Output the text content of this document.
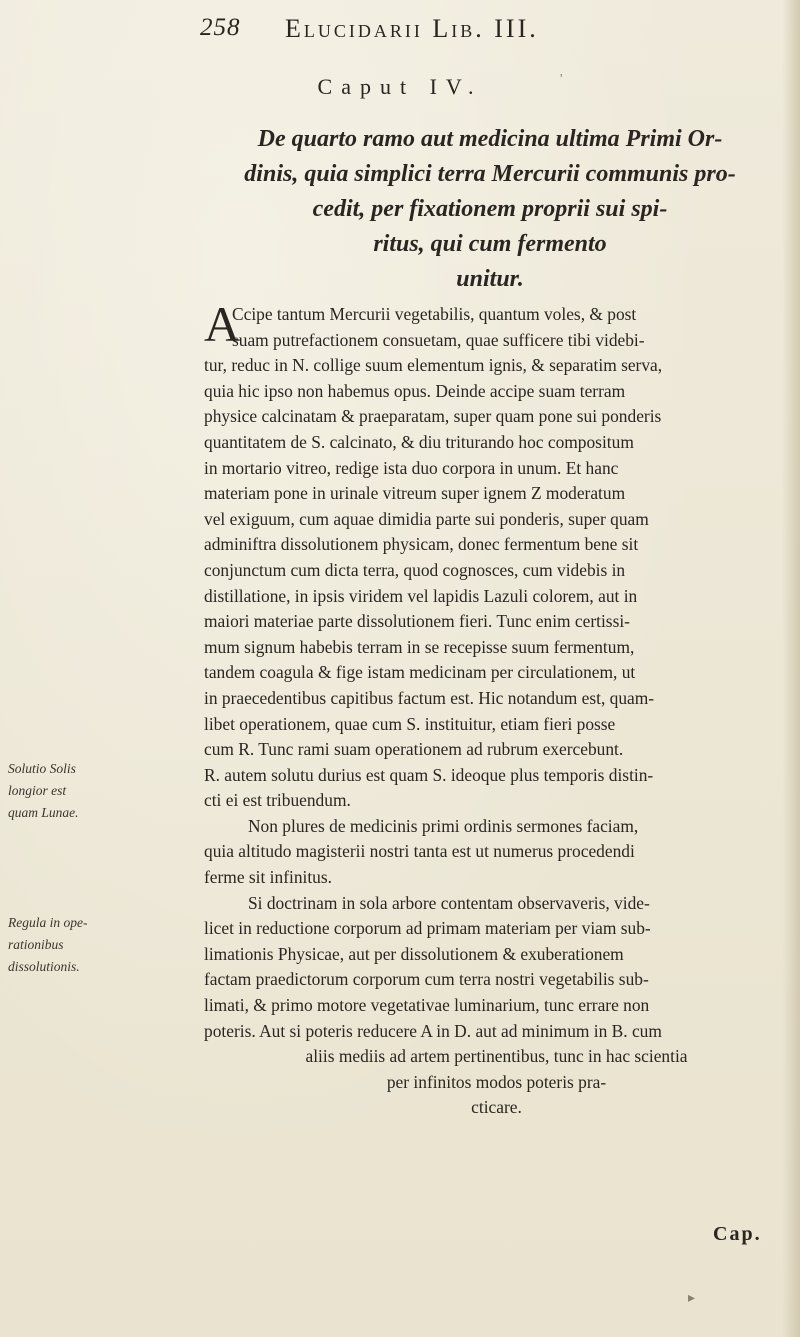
258 Elucidarii Lib. III.
Caput IV.
De quarto ramo aut medicina ultima Primi Or-
dinis, quia simplici terra Mercurii communis pro-
cedit, per fixationem proprii sui spi-
ritus, qui cum fermento
unitur.
A
Ccipe tantum Mercurii vegetabilis, quantum voles, & post
suam putrefactionem consuetam, quae sufficere tibi videbi-
tur, reduc in N. collige suum elementum ignis, & separatim serva,
quia hic ipso non habemus opus. Deinde accipe suam terram
physice calcinatam & praeparatam, super quam pone sui ponderis
quantitatem de S. calcinato, & diu triturando hoc compositum
in mortario vitreo, redige ista duo corpora in unum. Et hanc
materiam pone in urinale vitreum super ignem Z moderatum
vel exiguum, cum aquae dimidia parte sui ponderis, super quam
adminiftra dissolutionem physicam, donec fermentum bene sit
conjunctum cum dicta terra, quod cognosces, cum videbis in
distillatione, in ipsis viridem vel lapidis Lazuli colorem, aut in
maiori materiae parte dissolutionem fieri. Tunc enim certissi-
mum signum habebis terram in se recepisse suum fermentum,
tandem coagula & fige istam medicinam per circulationem, ut
in praecedentibus capitibus factum est. Hic notandum est, quam-
libet operationem, quae cum S. instituitur, etiam fieri posse
cum R. Tunc rami suam operationem ad rubrum exercebunt.
R. autem solutu durius est quam S. ideoque plus temporis distin-
cti ei est tribuendum.
Non plures de medicinis primi ordinis sermones faciam,
quia altitudo magisterii nostri tanta est ut numerus procedendi
ferme sit infinitus.
Si doctrinam in sola arbore contentam observaveris, vide-
licet in reductione corporum ad primam materiam per viam sub-
limationis Physicae, aut per dissolutionem & exuberationem
factam praedictorum corporum cum terra nostri vegetabilis sub-
limati, & primo motore vegetativae luminarium, tunc errare non
poteris. Aut si poteris reducere A in D. aut ad minimum in B. cum
aliis mediis ad artem pertinentibus, tunc in hac scientia
per infinitos modos poteris pra-
cticare.
Solutio Solis
longior est
quam Lunae.
Regula in ope-
rationibus
dissolutionis.
Cap.
'
▸
